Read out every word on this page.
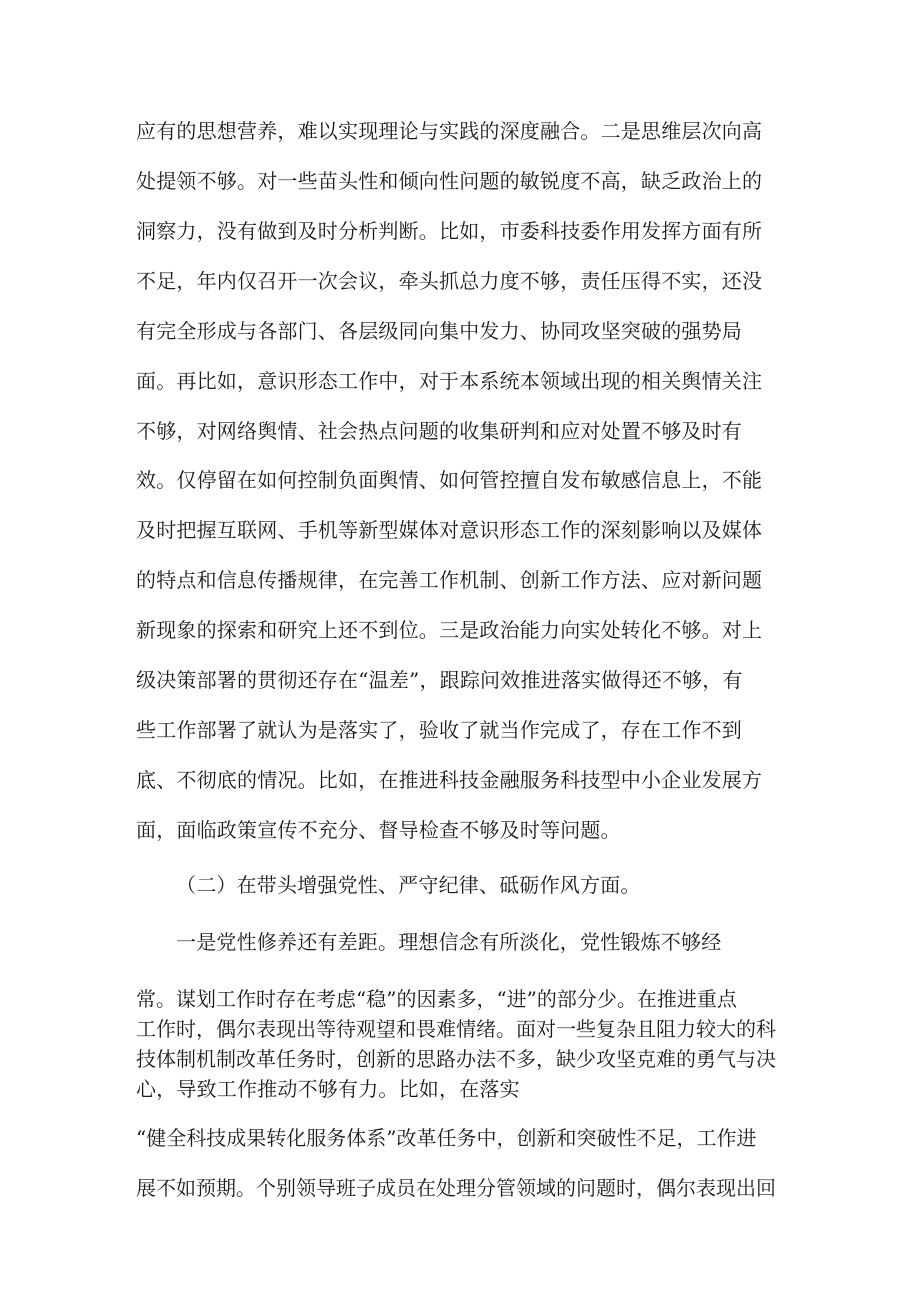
应有的思想营养，难以实现理论与实践的深度融合。二是思维层次向高
处提领不够。对一些苗头性和倾向性问题的敏锐度不高，缺乏政治上的
洞察力，没有做到及时分析判断。比如，市委科技委作用发挥方面有所
不足，年内仅召开一次会议，牵头抓总力度不够，责任压得不实，还没
有完全形成与各部门、各层级同向集中发力、协同攻坚突破的强势局
面。再比如，意识形态工作中，对于本系统本领域出现的相关舆情关注
不够，对网络舆情、社会热点问题的收集研判和应对处置不够及时有
效。仅停留在如何控制负面舆情、如何管控擅自发布敏感信息上，不能
及时把握互联网、手机等新型媒体对意识形态工作的深刻影响以及媒体
的特点和信息传播规律，在完善工作机制、创新工作方法、应对新问题
新现象的探索和研究上还不到位。三是政治能力向实处转化不够。对上
级决策部署的贯彻还存在“温差”，跟踪问效推进落实做得还不够，有
些工作部署了就认为是落实了，验收了就当作完成了，存在工作不到
底、不彻底的情况。比如，在推进科技金融服务科技型中小企业发展方
面，面临政策宣传不充分、督导检查不够及时等问题。
（二）在带头增强党性、严守纪律、砥砺作风方面。
一是党性修养还有差距。理想信念有所淡化，党性锻炼不够经
常。谋划工作时存在考虑“稳”的因素多，“进”的部分少。在推进重点
工作时，偶尔表现出等待观望和畏难情绪。面对一些复杂且阻力较大的科
技体制机制改革任务时，创新的思路办法不多，缺少攻坚克难的勇气与决
心，导致工作推动不够有力。比如，在落实
“健全科技成果转化服务体系”改革任务中，创新和突破性不足，工作进
展不如预期。个别领导班子成员在处理分管领域的问题时，偶尔表现出回
